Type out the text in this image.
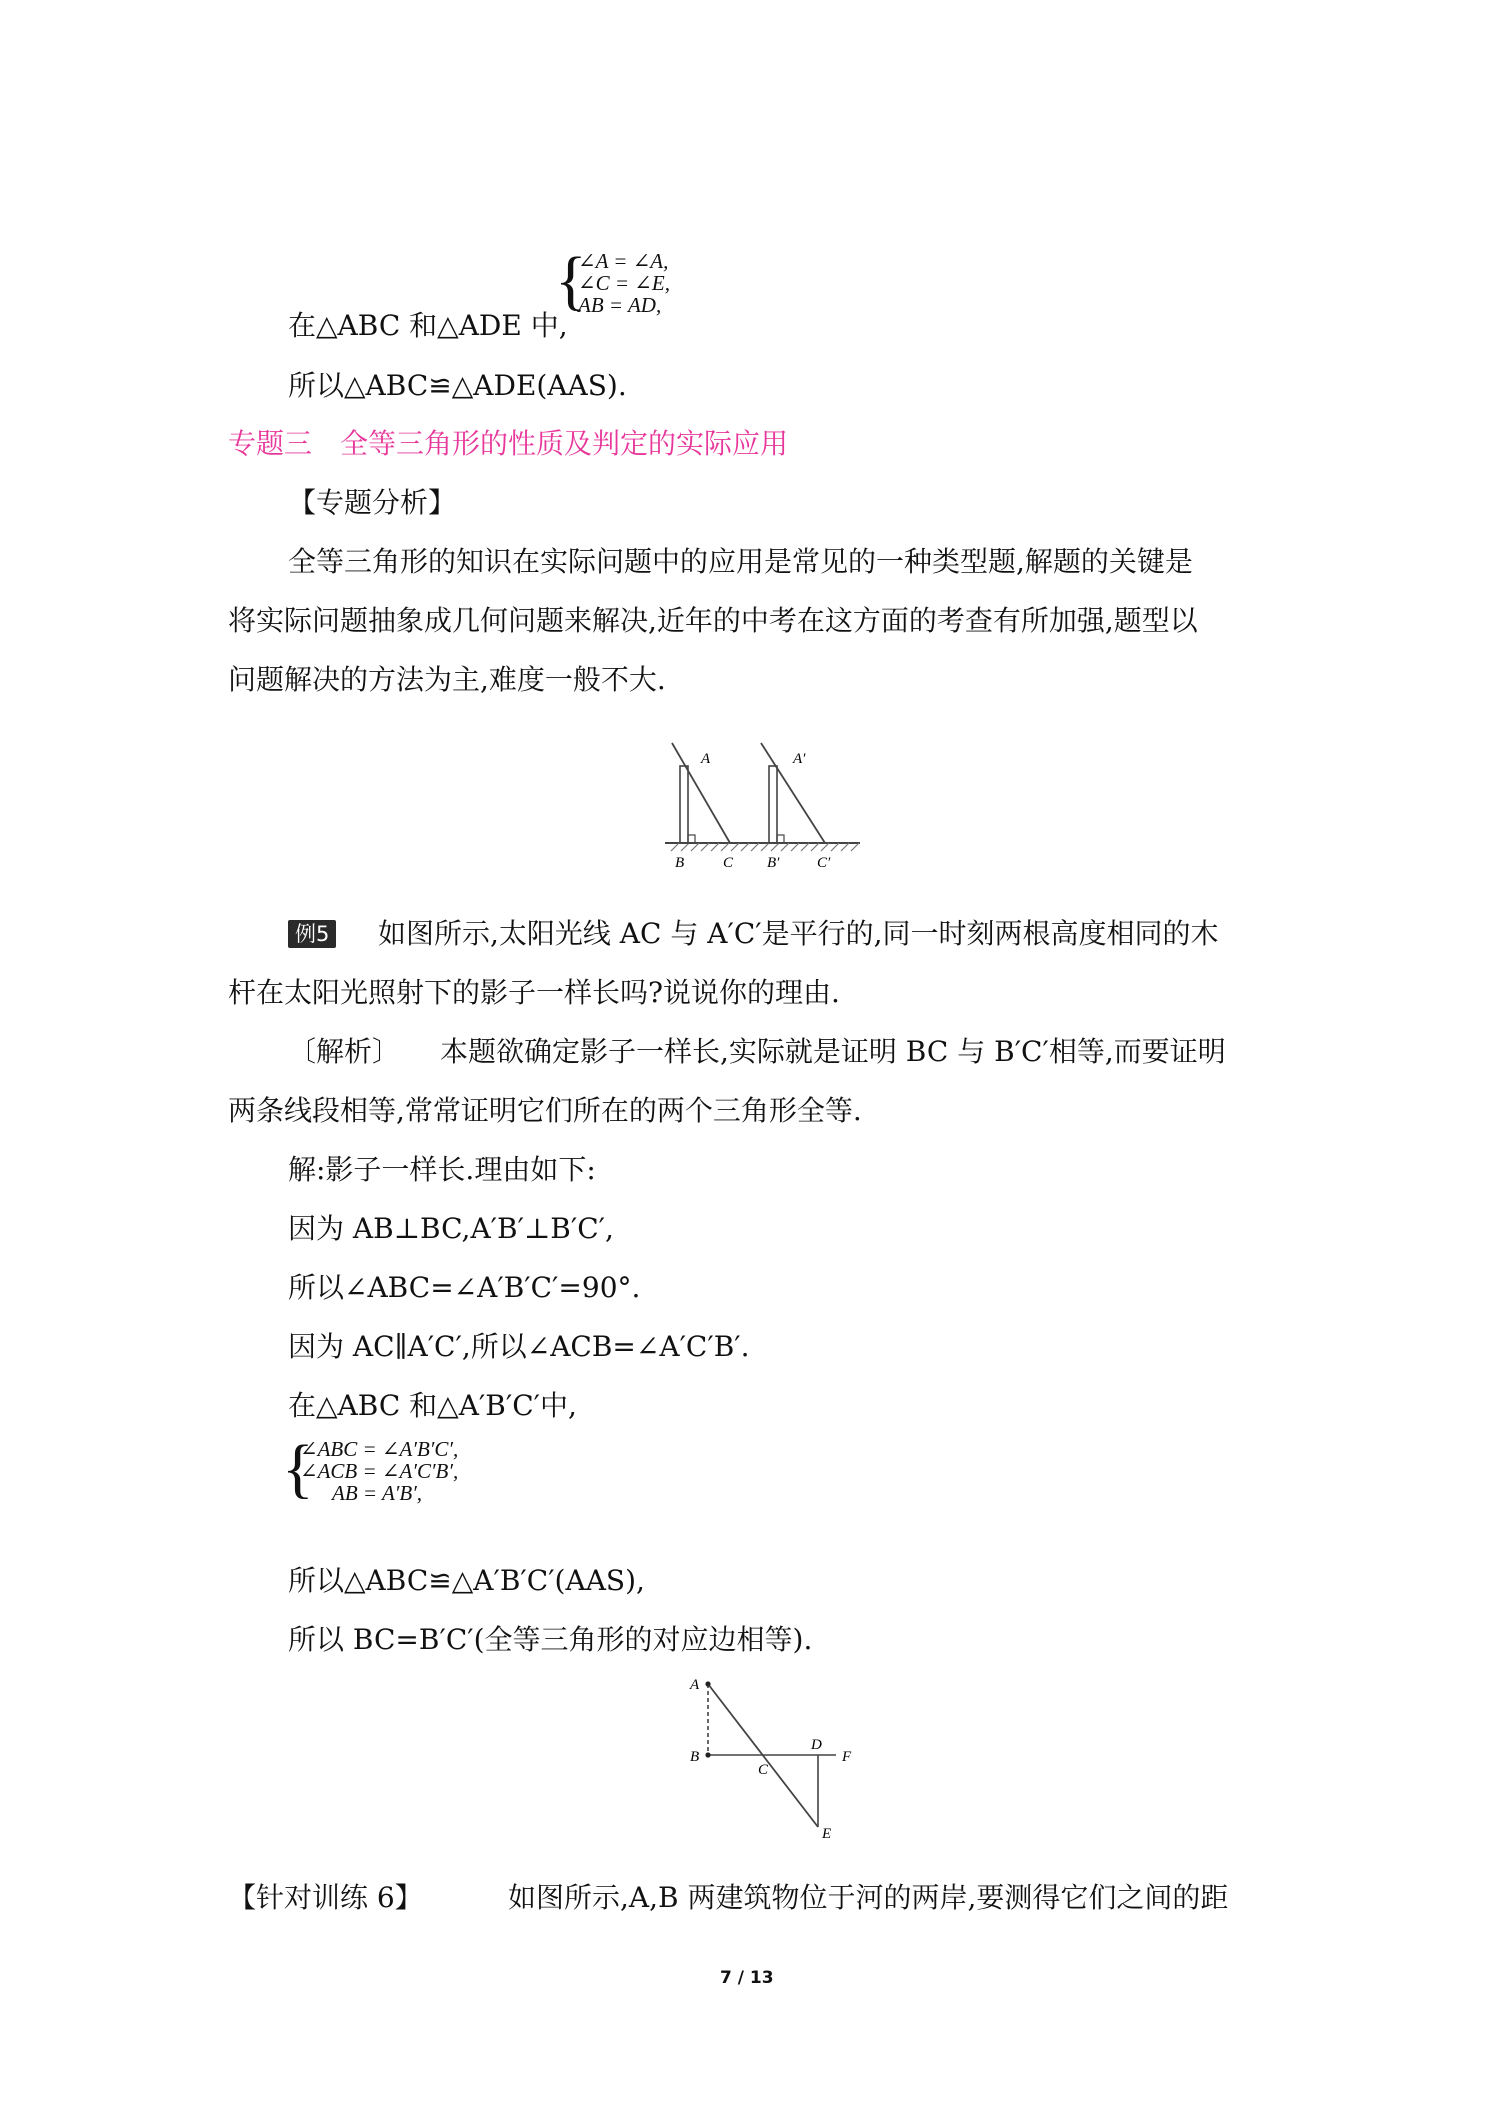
{
∠A = ∠A,
∠C = ∠E,
AB = AD,
在△ABC 和△ADE 中,
所以△ABC≌△ADE(AAS).
专题三　全等三角形的性质及判定的实际应用
【专题分析】
全等三角形的知识在实际问题中的应用是常见的一种类型题,解题的关键是
将实际问题抽象成几何问题来解决,近年的中考在这方面的考查有所加强,题型以
问题解决的方法为主,难度一般不大.
A	A′
B	C B′	C′
例5 如图所示,太阳光线 AC 与 A′C′是平行的,同一时刻两根高度相同的木
杆在太阳光照射下的影子一样长吗?说说你的理由.
〔解析〕 本题欲确定影子一样长,实际就是证明 BC 与 B′C′相等,而要证明
两条线段相等,常常证明它们所在的两个三角形全等.
解:影子一样长.理由如下:
因为 AB⊥BC,A′B′⊥B′C′,
所以∠ABC=∠A′B′C′=90°.
因为 AC∥A′C′,所以∠ACB=∠A′C′B′.
在△ABC 和△A′B′C′中,
{
∠ABC = ∠A′B′C′,
∠ACB = ∠A′C′B′,
AB = A′B′,
所以△ABC≌△A′B′C′(AAS),
所以 BC=B′C′(全等三角形的对应边相等).
A
B
C
D
F
E
【针对训练 6】	如图所示,A,B 两建筑物位于河的两岸,要测得它们之间的距
7 / 13
